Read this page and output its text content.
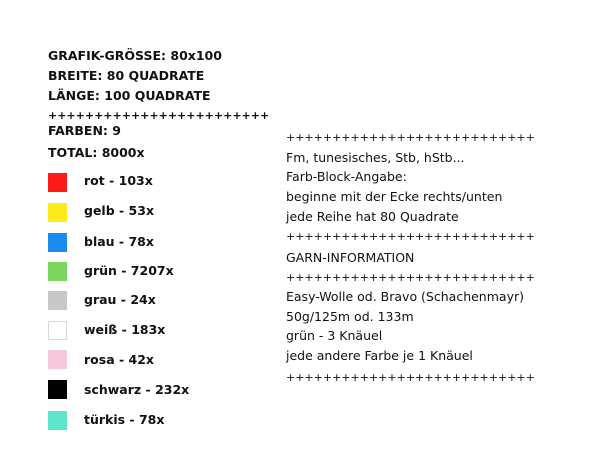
GRAFIK-GRÖSSE: 80x100
BREITE: 80 QUADRATE
LÄNGE: 100 QUADRATE
++++++++++++++++++++++++
FARBEN: 9
TOTAL: 8000x
rot - 103x
gelb - 53x
blau - 78x
grün - 7207x
grau - 24x
weiß - 183x
rosa - 42x
schwarz - 232x
türkis - 78x
+++++++++++++++++++++++++++
Fm, tunesisches, Stb, hStb...
Farb-Block-Angabe:
beginne mit der Ecke rechts/unten
jede Reihe hat 80 Quadrate
+++++++++++++++++++++++++++
GARN-INFORMATION
+++++++++++++++++++++++++++
Easy-Wolle od. Bravo (Schachenmayr)
50g/125m od. 133m
grün - 3 Knäuel
jede andere Farbe je 1 Knäuel
+++++++++++++++++++++++++++
